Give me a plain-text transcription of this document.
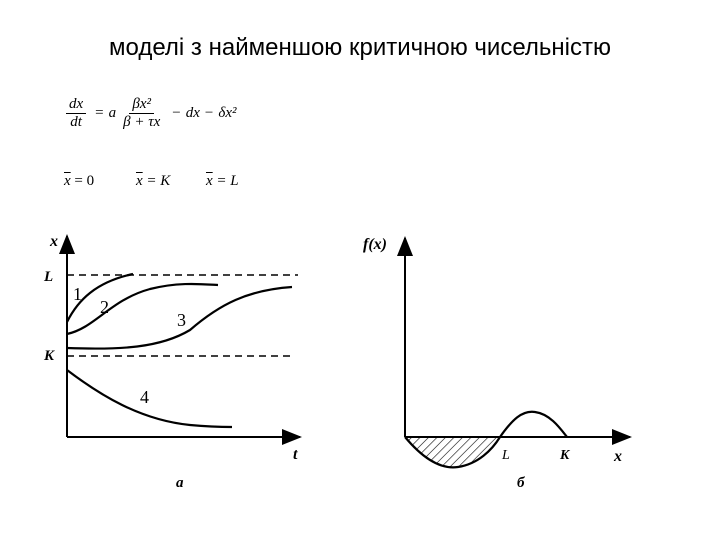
моделі з найменшою критичною чисельністю
$\frac{dx}{dt} = a \frac{\text{βx²}}{\beta + \tau x}$ − dx − δx²
$\overline{x} = 0$	$\overline{x} = K$ $\overline{x} = L$
x
t
L
K
1
2
3
4
а
f(x)
x
L	K
б
